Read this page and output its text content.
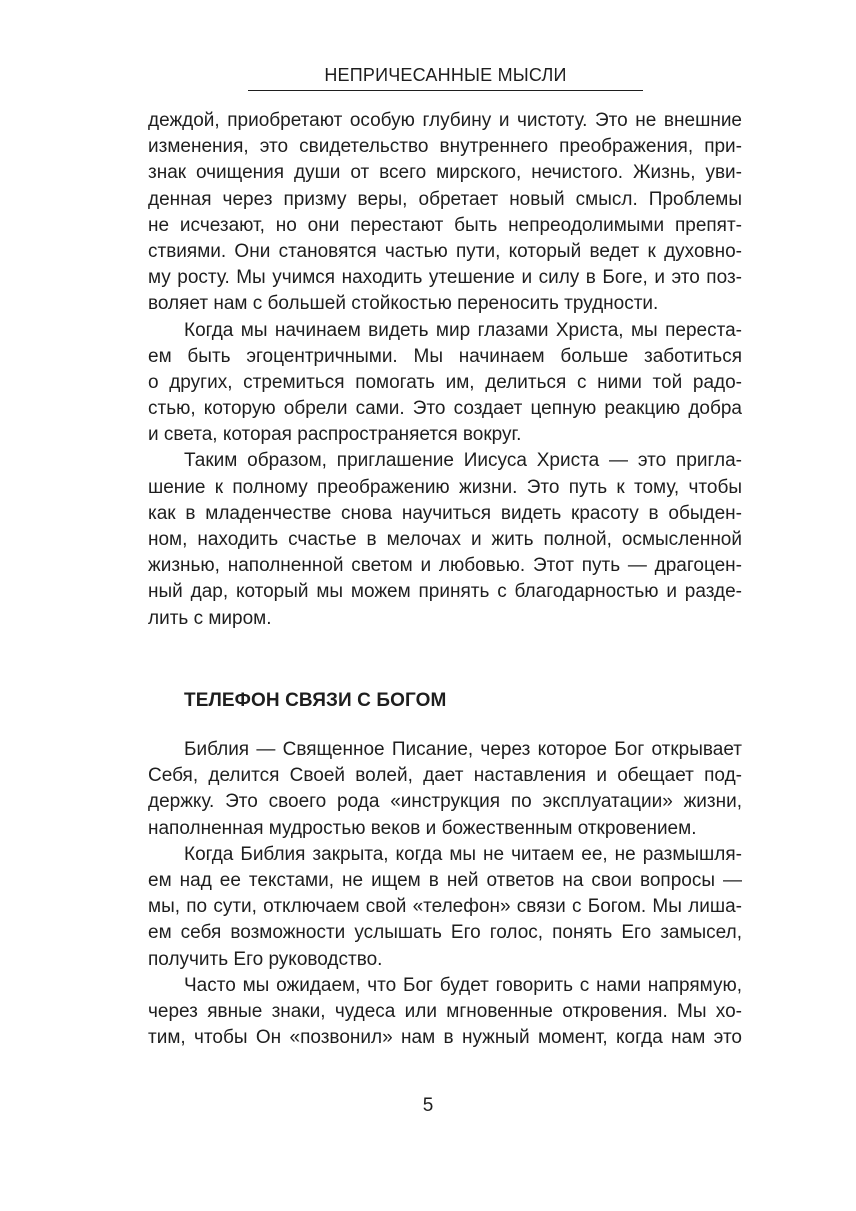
НЕПРИЧЕСАННЫЕ МЫСЛИ
деждой, приобретают особую глубину и чистоту. Это не внешние
изменения, это свидетельство внутреннего преображения, при-
знак очищения души от всего мирского, нечистого. Жизнь, уви-
денная через призму веры, обретает новый смысл. Проблемы
не исчезают, но они перестают быть непреодолимыми препят-
ствиями. Они становятся частью пути, который ведет к духовно-
му росту. Мы учимся находить утешение и силу в Боге, и это поз-
воляет нам с большей стойкостью переносить трудности.
Когда мы начинаем видеть мир глазами Христа, мы переста-
ем быть эгоцентричными. Мы начинаем больше заботиться
о других, стремиться помогать им, делиться с ними той радо-
стью, которую обрели сами. Это создает цепную реакцию добра
и света, которая распространяется вокруг.
Таким образом, приглашение Иисуса Христа — это пригла-
шение к полному преображению жизни. Это путь к тому, чтобы
как в младенчестве снова научиться видеть красоту в обыден-
ном, находить счастье в мелочах и жить полной, осмысленной
жизнью, наполненной светом и любовью. Этот путь — драгоцен-
ный дар, который мы можем принять с благодарностью и разде-
лить с миром.
ТЕЛЕФОН СВЯЗИ С БОГОМ
Библия — Священное Писание, через которое Бог открывает
Себя, делится Своей волей, дает наставления и обещает под-
держку. Это своего рода «инструкция по эксплуатации» жизни,
наполненная мудростью веков и божественным откровением.
Когда Библия закрыта, когда мы не читаем ее, не размышля-
ем над ее текстами, не ищем в ней ответов на свои вопросы —
мы, по сути, отключаем свой «телефон» связи с Богом. Мы лиша-
ем себя возможности услышать Его голос, понять Его замысел,
получить Его руководство.
Часто мы ожидаем, что Бог будет говорить с нами напрямую,
через явные знаки, чудеса или мгновенные откровения. Мы хо-
тим, чтобы Он «позвонил» нам в нужный момент, когда нам это
5
